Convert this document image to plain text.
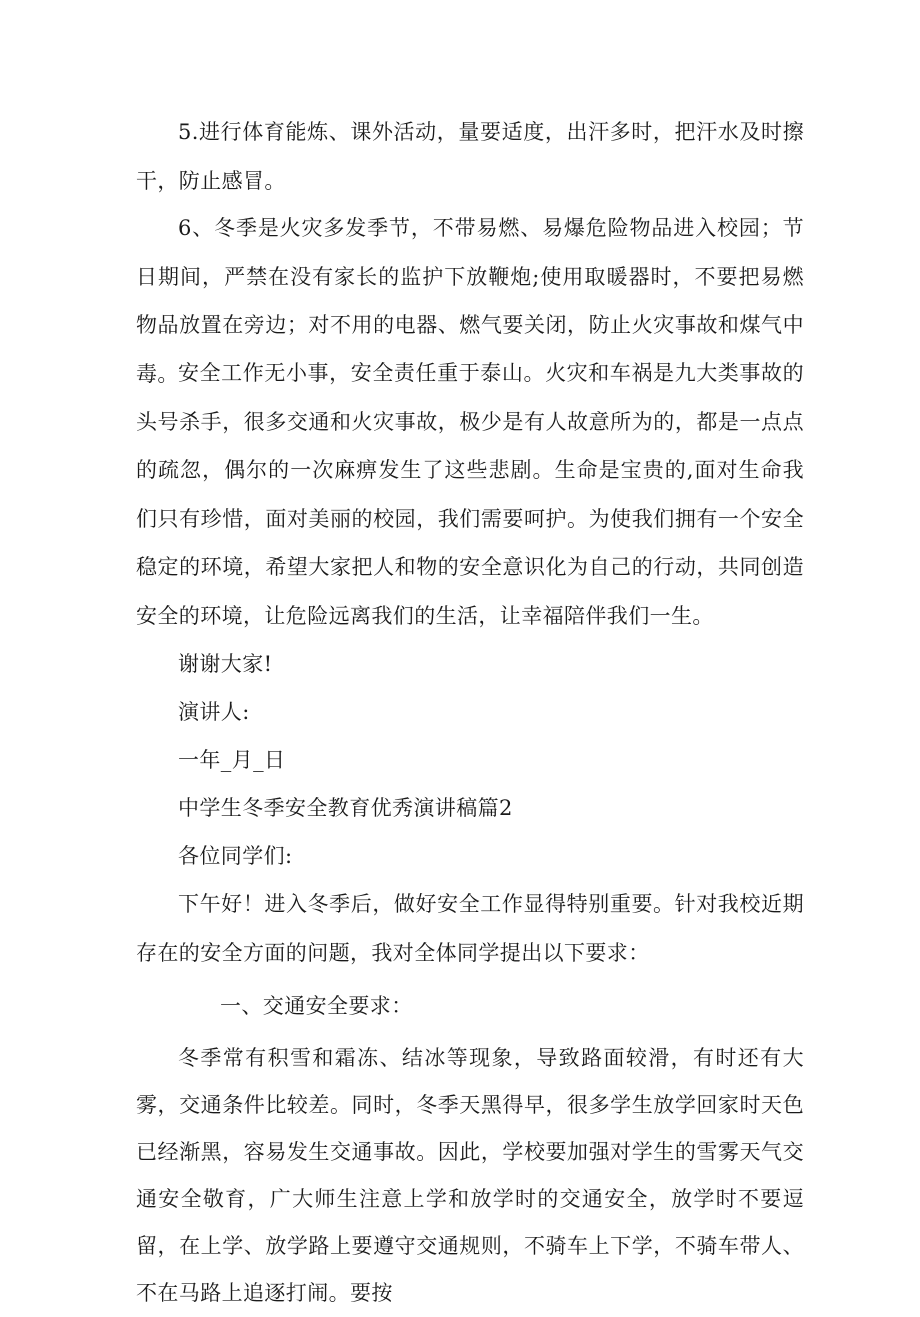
5.进行体育能炼、课外活动，量要适度，出汗多时，把汗水及时擦干，防止感冒。

6、冬季是火灾多发季节，不带易燃、易爆危险物品进入校园；节日期间，严禁在没有家长的监护下放鞭炮;使用取暖器时，不要把易燃物品放置在旁边；对不用的电器、燃气要关闭，防止火灾事故和煤气中毒。 安全工作无小事，安全责任重于泰山。火灾和车祸是九大类事故的头号杀手，很多交通和火灾事故，极少是有人故意所为的，都是一点点的疏忽，偶尔的一次麻痹发生了这些悲剧。生命是宝贵的,面对生命我们只有珍惜，面对美丽的校园，我们需要呵护。为使我们拥有一个安全稳定的环境，希望大家把人和物的安全意识化为自己的行动，共同创造安全的环境，让危险远离我们的生活，让幸福陪伴我们一生。

谢谢大家!

演讲人:

一年_月_日

中学生冬季安全教育优秀演讲稿篇2

各位同学们:

下午好！进入冬季后，做好安全工作显得特别重要。针对我校近期存在的安全方面的问题，我对全体同学提出以下要求：

一、交通安全要求：

冬季常有积雪和霜冻、结冰等现象，导致路面较滑，有时还有大雾，交通条件比较差。同时，冬季天黑得早，很多学生放学回家时天色已经渐黑，容易发生交通事故。因此，学校要加强对学生的雪雾天气交通安全敬育，广大师生注意上学和放学时的交通安全，放学时不要逗留，在上学、放学路上要遵守交通规则，不骑车上下学，不骑车带人、不在马路上追逐打闹。要按
